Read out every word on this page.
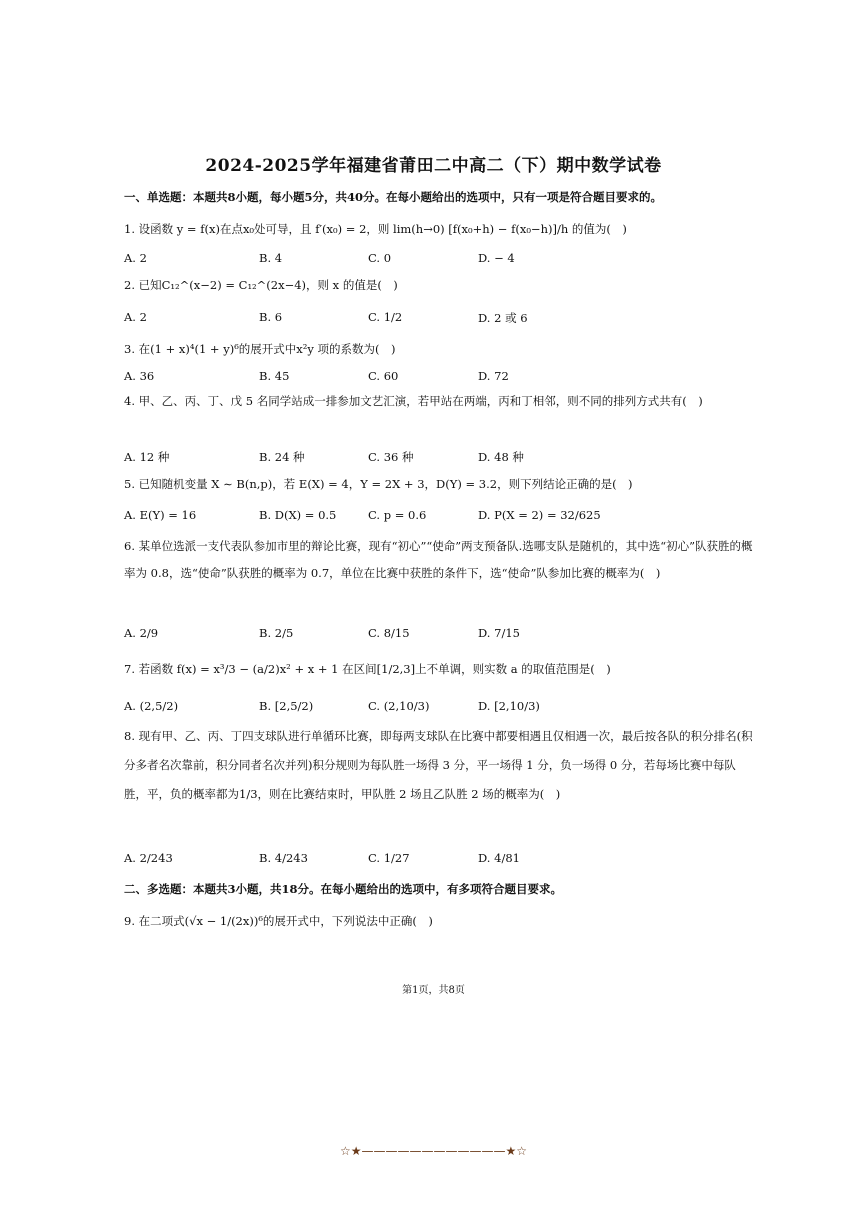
2024-2025学年福建省莆田二中高二（下）期中数学试卷
一、单选题：本题共8小题，每小题5分，共40分。在每小题给出的选项中，只有一项是符合题目要求的。
1. 设函数 y = f(x)在点x₀处可导，且 f′(x₀) = 2，则 lim(h→0) [f(x₀+h) − f(x₀−h)]/h 的值为(　)
A. 2	B. 4	C. 0	D. − 4
2. 已知C₁₂^(x−2) = C₁₂^(2x−4)，则 x 的值是(　)
A. 2	B. 6	C. 1/2	D. 2 或 6
3. 在(1 + x)⁴(1 + y)⁶的展开式中x²y 项的系数为(　)
A. 36	B. 45	C. 60	D. 72
4. 甲、乙、丙、丁、戊 5 名同学站成一排参加文艺汇演，若甲站在两端，丙和丁相邻，则不同的排列方式共有(　)
A. 12 种	B. 24 种	C. 36 种	D. 48 种
5. 已知随机变量 X ∼ B(n,p)，若 E(X) = 4，Y = 2X + 3，D(Y) = 3.2，则下列结论正确的是(　)
A. E(Y) = 16	B. D(X) = 0.5	C. p = 0.6	D. P(X = 2) = 32/625
6. 某单位选派一支代表队参加市里的辩论比赛，现有“初心”“使命”两支预备队.选哪支队是随机的，其中选“初心”队获胜的概率为 0.8，选“使命”队获胜的概率为 0.7，单位在比赛中获胜的条件下，选“使命”队参加比赛的概率为(　)
A. 2/9	B. 2/5	C. 8/15	D. 7/15
7. 若函数 f(x) = x³/3 − (a/2)x² + x + 1 在区间[1/2,3]上不单调，则实数 a 的取值范围是(　)
A. (2,5/2)	B. [2,5/2)	C. (2,10/3)	D. [2,10/3)
8. 现有甲、乙、丙、丁四支球队进行单循环比赛，即每两支球队在比赛中都要相遇且仅相遇一次，最后按各队的积分排名(积分多者名次靠前，积分同者名次并列)积分规则为每队胜一场得 3 分，平一场得 1 分，负一场得 0 分，若每场比赛中每队胜，平，负的概率都为1/3，则在比赛结束时，甲队胜 2 场且乙队胜 2 场的概率为(　)
A. 2/243	B. 4/243	C. 1/27	D. 4/81
二、多选题：本题共3小题，共18分。在每小题给出的选项中，有多项符合题目要求。
9. 在二项式(√x − 1/(2x))⁶的展开式中，下列说法中正确(　)
第1页，共8页
☆★————————————★☆
